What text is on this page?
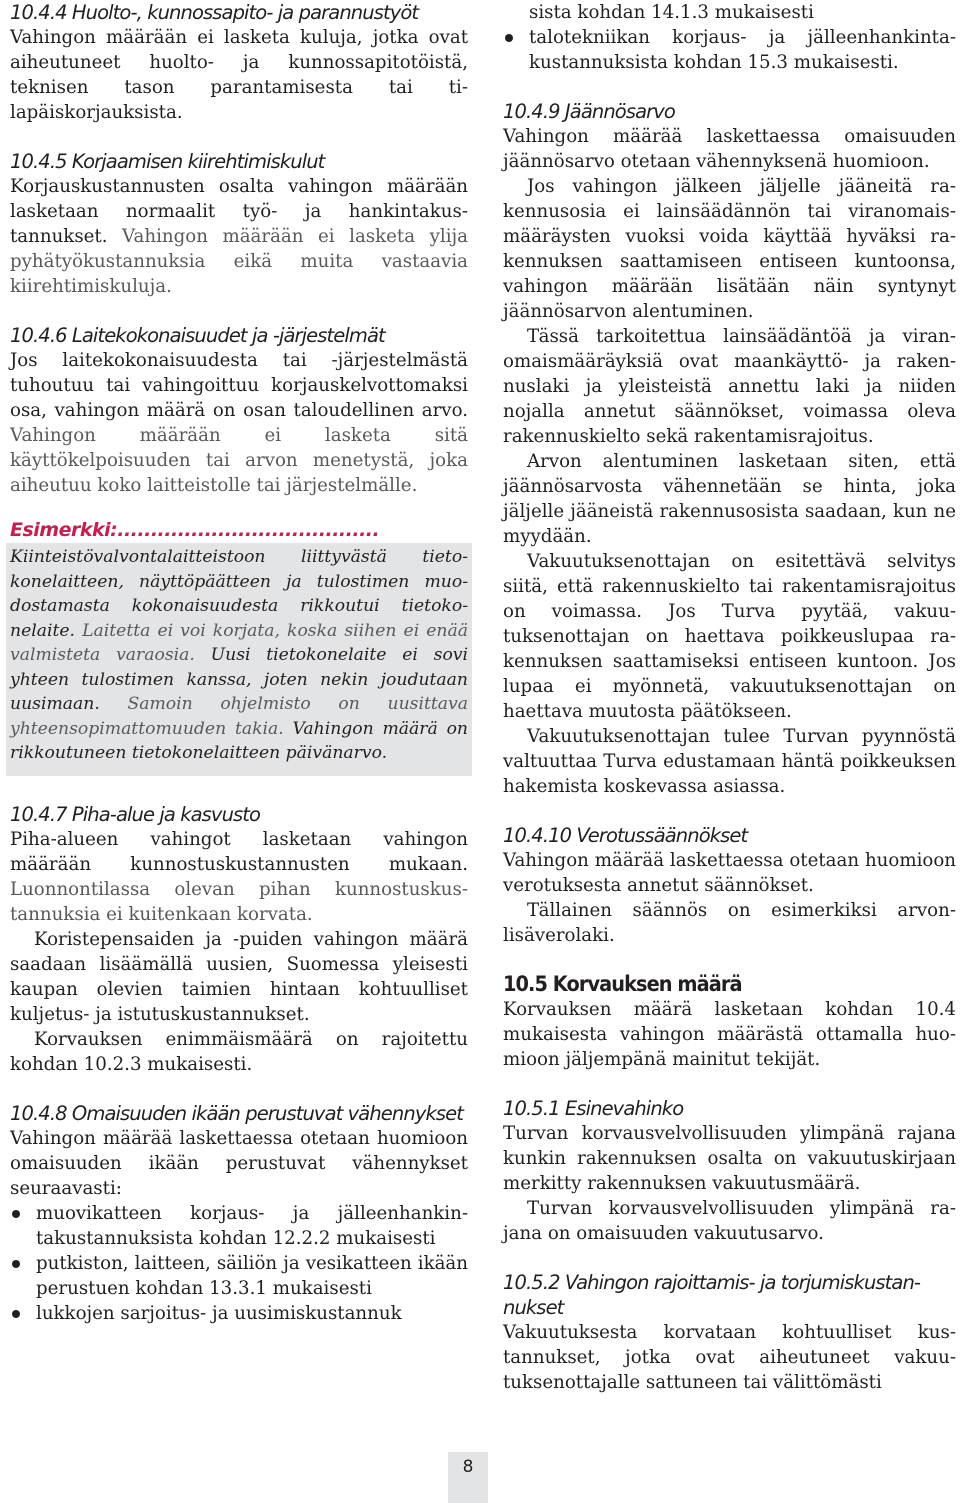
10.4.4 Huolto-, kunnossapito- ja parannustyöt

Vahingon määrään ei lasketa kuluja, jotka ovat aiheutuneet huolto- ja kunnossapitotöistä, teknisen tason parantamisesta tai tilapäiskorjauksista.

10.4.5 Korjaamisen kiirehtimiskulut

Korjauskustannusten osalta vahingon määrään lasketaan normaalit työ- ja hankintakustannukset. Vahingon määrään ei lasketa ylija pyhätyökustannuksia eikä muita vastaavia kiirehtimiskuluja.

10.4.6 Laitekokonaisuudet ja -järjestelmät

Jos laitekokonaisuudesta tai -järjestelmästä tuhoutuu tai vahingoittuu korjauskelvottomaksi osa, vahingon määrä on osan taloudellinen arvo. Vahingon määrään ei lasketa sitä käyttökelpoisuuden tai arvon menetystä, joka aiheutuu koko laitteistolle tai järjestelmälle.

Esimerkki:.......................................

Kiinteistövalvontalaitteistoon liittyvästä tietokonelaitteen, näyttöpäätteen ja tulostimen muodostamasta kokonaisuudesta rikkoutui tietokonelaite. Laitetta ei voi korjata, koska siihen ei enää valmisteta varaosia. Uusi tietokonelaite ei sovi yhteen tulostimen kanssa, joten nekin joudutaan uusimaan. Samoin ohjelmisto on uusittava yhteensopimattomuuden takia. Vahingon määrä on rikkoutuneen tietokonelaitteen päivänarvo.

10.4.7 Piha-alue ja kasvusto

Piha-alueen vahingot lasketaan vahingon määrään kunnostuskustannusten mukaan. Luonnontilassa olevan pihan kunnostuskustannuksia ei kuitenkaan korvata.

Koristepensaiden ja -puiden vahingon määrä saadaan lisäämällä uusien, Suomessa yleisesti kaupan olevien taimien hintaan kohtuulliset kuljetus- ja istutuskustannukset.

Korvauksen enimmäismäärä on rajoitettu kohdan 10.2.3 mukaisesti.

10.4.8 Omaisuuden ikään perustuvat vähennykset

Vahingon määrää laskettaessa otetaan huomioon omaisuuden ikään perustuvat vähennykset seuraavasti:

muovikatteen korjaus- ja jälleenhankintakustannuksista kohdan 12.2.2 mukaisesti
putkiston, laitteen, säiliön ja vesikatteen ikään perustuen kohdan 13.3.1 mukaisesti
lukkojen sarjoitus- ja uusimiskustannuk
sista kohdan 14.1.3 mukaisesti
talotekniikan korjaus- ja jälleenhankintakustannuksista kohdan 15.3 mukaisesti.
10.4.9 Jäännösarvo

Vahingon määrää laskettaessa omaisuuden jäännösarvo otetaan vähennyksenä huomioon.

Jos vahingon jälkeen jäljelle jääneitä rakennusosia ei lainsäädännön tai viranomaismääräysten vuoksi voida käyttää hyväksi rakennuksen saattamiseen entiseen kuntoonsa, vahingon määrään lisätään näin syntynyt jäännösarvon alentuminen.

Tässä tarkoitettua lainsäädäntöä ja viranomaismääräyksiä ovat maankäyttö- ja rakennuslaki ja yleisteistä annettu laki ja niiden nojalla annetut säännökset, voimassa oleva rakennuskielto sekä rakentamisrajoitus.

Arvon alentuminen lasketaan siten, että jäännösarvosta vähennetään se hinta, joka jäljelle jääneistä rakennusosista saadaan, kun ne myydään.

Vakuutuksenottajan on esitettävä selvitys siitä, että rakennuskielto tai rakentamisrajoitus on voimassa. Jos Turva pyytää, vakuutuksenottajan on haettava poikkeuslupaa rakennuksen saattamiseksi entiseen kuntoon. Jos lupaa ei myönnetä, vakuutuksenottajan on haettava muutosta päätökseen.

Vakuutuksenottajan tulee Turvan pyynnöstä valtuuttaa Turva edustamaan häntä poikkeuksen hakemista koskevassa asiassa.

10.4.10 Verotussäännökset

Vahingon määrää laskettaessa otetaan huomioon verotuksesta annetut säännökset.

Tällainen säännös on esimerkiksi arvonlisäverolaki.

10.5 Korvauksen määrä

Korvauksen määrä lasketaan kohdan 10.4 mukaisesta vahingon määrästä ottamalla huomioon jäljempänä mainitut tekijät.

10.5.1 Esinevahinko

Turvan korvausvelvollisuuden ylimpänä rajana kunkin rakennuksen osalta on vakuutuskirjaan merkitty rakennuksen vakuutusmäärä.

Turvan korvausvelvollisuuden ylimpänä rajana on omaisuuden vakuutusarvo.

10.5.2 Vahingon rajoittamis- ja torjumiskustannukset

Vakuutuksesta korvataan kohtuulliset kustannukset, jotka ovat aiheutuneet vakuutuksenottajalle sattuneen tai välittömästi

8
